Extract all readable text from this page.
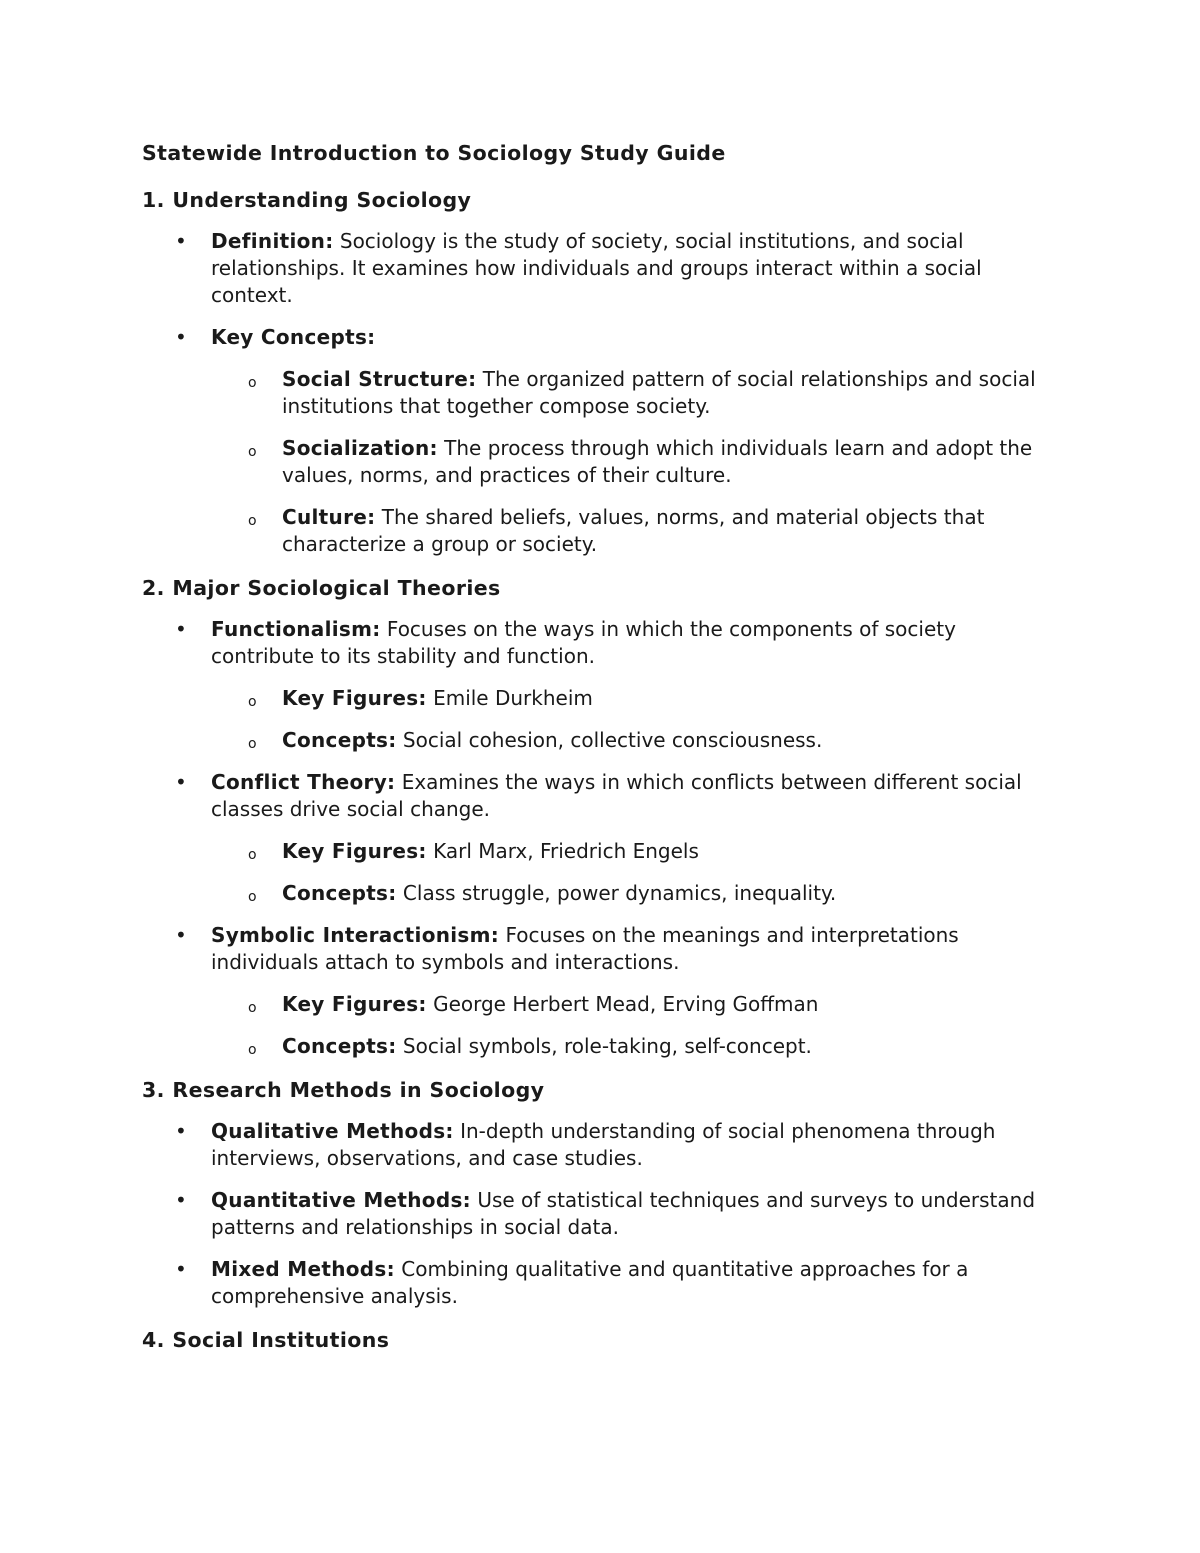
Statewide Introduction to Sociology Study Guide
1. Understanding Sociology
• Definition: Sociology is the study of society, social institutions, and social relationships. It examines how individuals and groups interact within a social context.
• Key Concepts:
o Social Structure: The organized pattern of social relationships and social institutions that together compose society.
o Socialization: The process through which individuals learn and adopt the values, norms, and practices of their culture.
o Culture: The shared beliefs, values, norms, and material objects that characterize a group or society.
2. Major Sociological Theories
• Functionalism: Focuses on the ways in which the components of society contribute to its stability and function.
o Key Figures: Emile Durkheim
o Concepts: Social cohesion, collective consciousness.
• Conflict Theory: Examines the ways in which conflicts between different social classes drive social change.
o Key Figures: Karl Marx, Friedrich Engels
o Concepts: Class struggle, power dynamics, inequality.
• Symbolic Interactionism: Focuses on the meanings and interpretations individuals attach to symbols and interactions.
o Key Figures: George Herbert Mead, Erving Goffman
o Concepts: Social symbols, role-taking, self-concept.
3. Research Methods in Sociology
• Qualitative Methods: In-depth understanding of social phenomena through interviews, observations, and case studies.
• Quantitative Methods: Use of statistical techniques and surveys to understand patterns and relationships in social data.
• Mixed Methods: Combining qualitative and quantitative approaches for a comprehensive analysis.
4. Social Institutions
